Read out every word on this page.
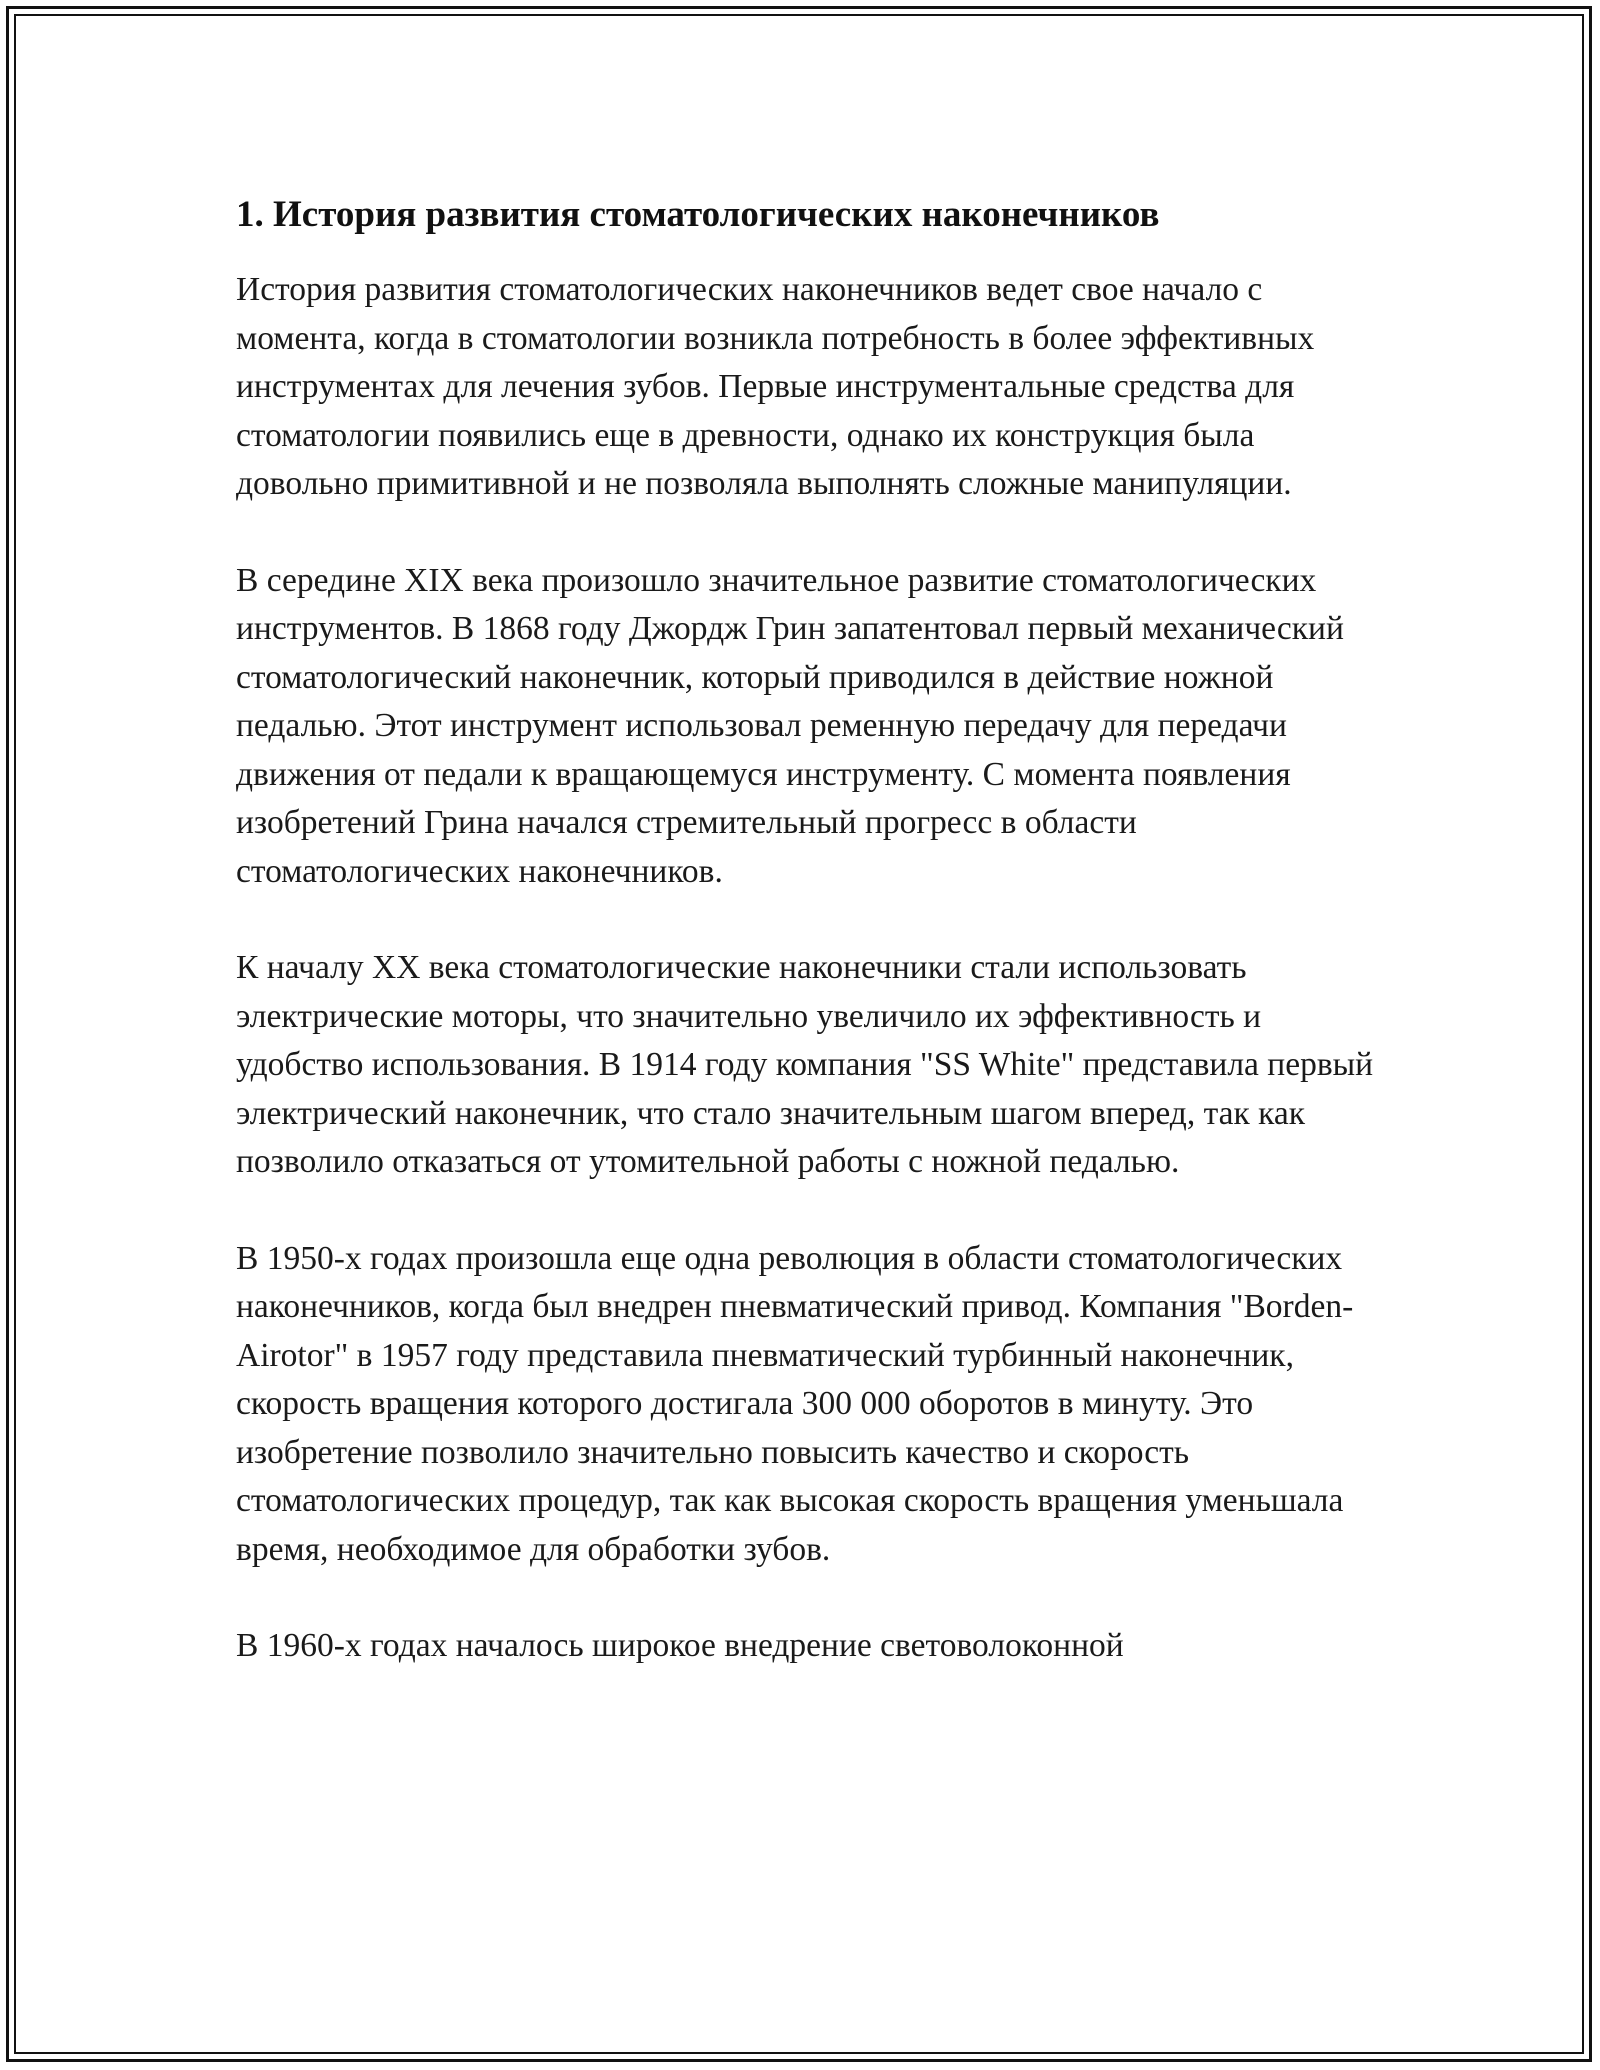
1. История развития стоматологических наконечников

История развития стоматологических наконечников ведет свое начало с момента, когда в стоматологии возникла потребность в более эффективных инструментах для лечения зубов. Первые инструментальные средства для стоматологии появились еще в древности, однако их конструкция была довольно примитивной и не позволяла выполнять сложные манипуляции.

В середине XIX века произошло значительное развитие стоматологических инструментов. В 1868 году Джордж Грин запатентовал первый механический стоматологический наконечник, который приводился в действие ножной педалью. Этот инструмент использовал ременную передачу для передачи движения от педали к вращающемуся инструменту. С момента появления изобретений Грина начался стремительный прогресс в области стоматологических наконечников.

К началу XX века стоматологические наконечники стали использовать электрические моторы, что значительно увеличило их эффективность и удобство использования. В 1914 году компания "SS White" представила первый электрический наконечник, что стало значительным шагом вперед, так как позволило отказаться от утомительной работы с ножной педалью.

В 1950-х годах произошла еще одна революция в области стоматологических наконечников, когда был внедрен пневматический привод. Компания "Borden-Airotor" в 1957 году представила пневматический турбинный наконечник, скорость вращения которого достигала 300 000 оборотов в минуту. Это изобретение позволило значительно повысить качество и скорость стоматологических процедур, так как высокая скорость вращения уменьшала время, необходимое для обработки зубов.

В 1960-х годах началось широкое внедрение световолоконной
